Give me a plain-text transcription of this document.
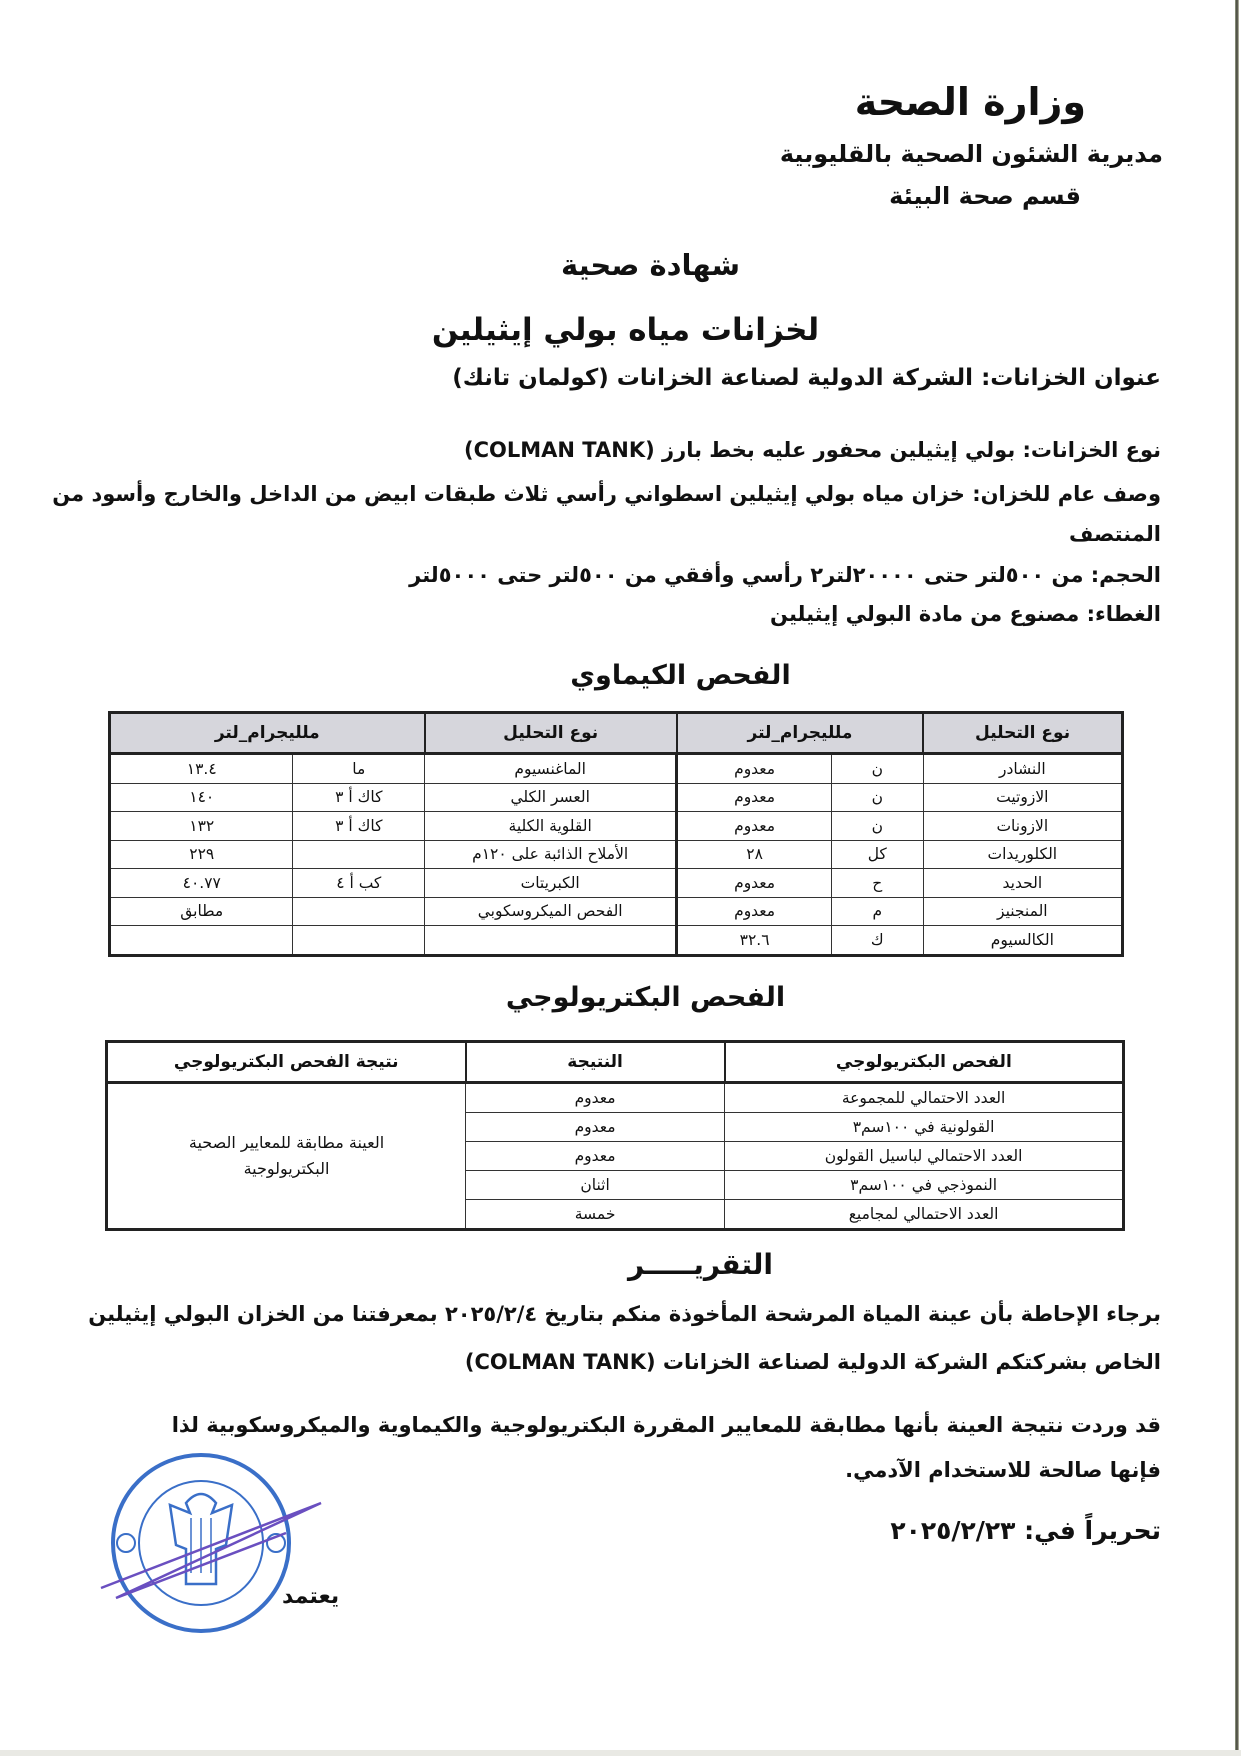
وزارة الصحة
مديرية الشئون الصحية بالقليوبية
قسم صحة البيئة
شهادة صحية
لخزانات مياه بولي إيثيلين
عنوان الخزانات: الشركة الدولية لصناعة الخزانات (كولمان تانك)
نوع الخزانات: بولي إيثيلين محفور عليه بخط بارز (COLMAN TANK)
وصف عام للخزان: خزان مياه بولي إيثيلين اسطواني رأسي ثلاث طبقات ابيض من الداخل والخارج وأسود من
المنتصف
الحجم: من ٥٠٠لتر حتى ٢٠٠٠٠لتر٢ رأسي وأفقي من ٥٠٠لتر حتى ٥٠٠٠لتر
الغطاء: مصنوع من مادة البولي إيثيلين
الفحص الكيماوي
نوع التحليل	ملليجرام_لتر		نوع التحليل	ملليجرام_لتر	
النشادر	ن	معدوم	الماغنسيوم	ما	١٣.٤
الازوتيت	ن	معدوم	العسر الكلي	كاك أ ٣	١٤٠
الازونات	ن	معدوم	القلوية الكلية	كاك أ ٣	١٣٢
الكلوريدات	كل	٢٨	الأملاح الذائبة على ١٢٠م		٢٢٩
الحديد	ح	معدوم	الكبريتات	كب أ ٤	٤٠.٧٧
المنجنيز	م	معدوم	الفحص الميكروسكوبي		مطابق
الكالسيوم	ك	٣٢.٦			
الفحص البكتريولوجي
الفحص البكتريولوجي	النتيجة	نتيجة الفحص البكتريولوجي
العدد الاحتمالي للمجموعة	معدوم	العينة مطابقة للمعايير الصحية
البكتريولوجية

القولونية في ١٠٠سم٣	معدوم	
العدد الاحتمالي لباسيل القولون	معدوم	
النموذجي في ١٠٠سم٣	اثنان	
العدد الاحتمالي لمجاميع	خمسة	
التقريـــــر
برجاء الإحاطة بأن عينة المياة المرشحة المأخوذة منكم بتاريخ ٢٠٢٥/٢/٤ بمعرفتنا من الخزان البولي إيثيلين
الخاص بشركتكم الشركة الدولية لصناعة الخزانات (COLMAN TANK)
قد وردت نتيجة العينة بأنها مطابقة للمعايير المقررة البكتريولوجية والكيماوية والميكروسكوبية لذا
فإنها صالحة للاستخدام الآدمي.
تحريراً في: ٢٠٢٥/٢/٢٣
يعتمد
